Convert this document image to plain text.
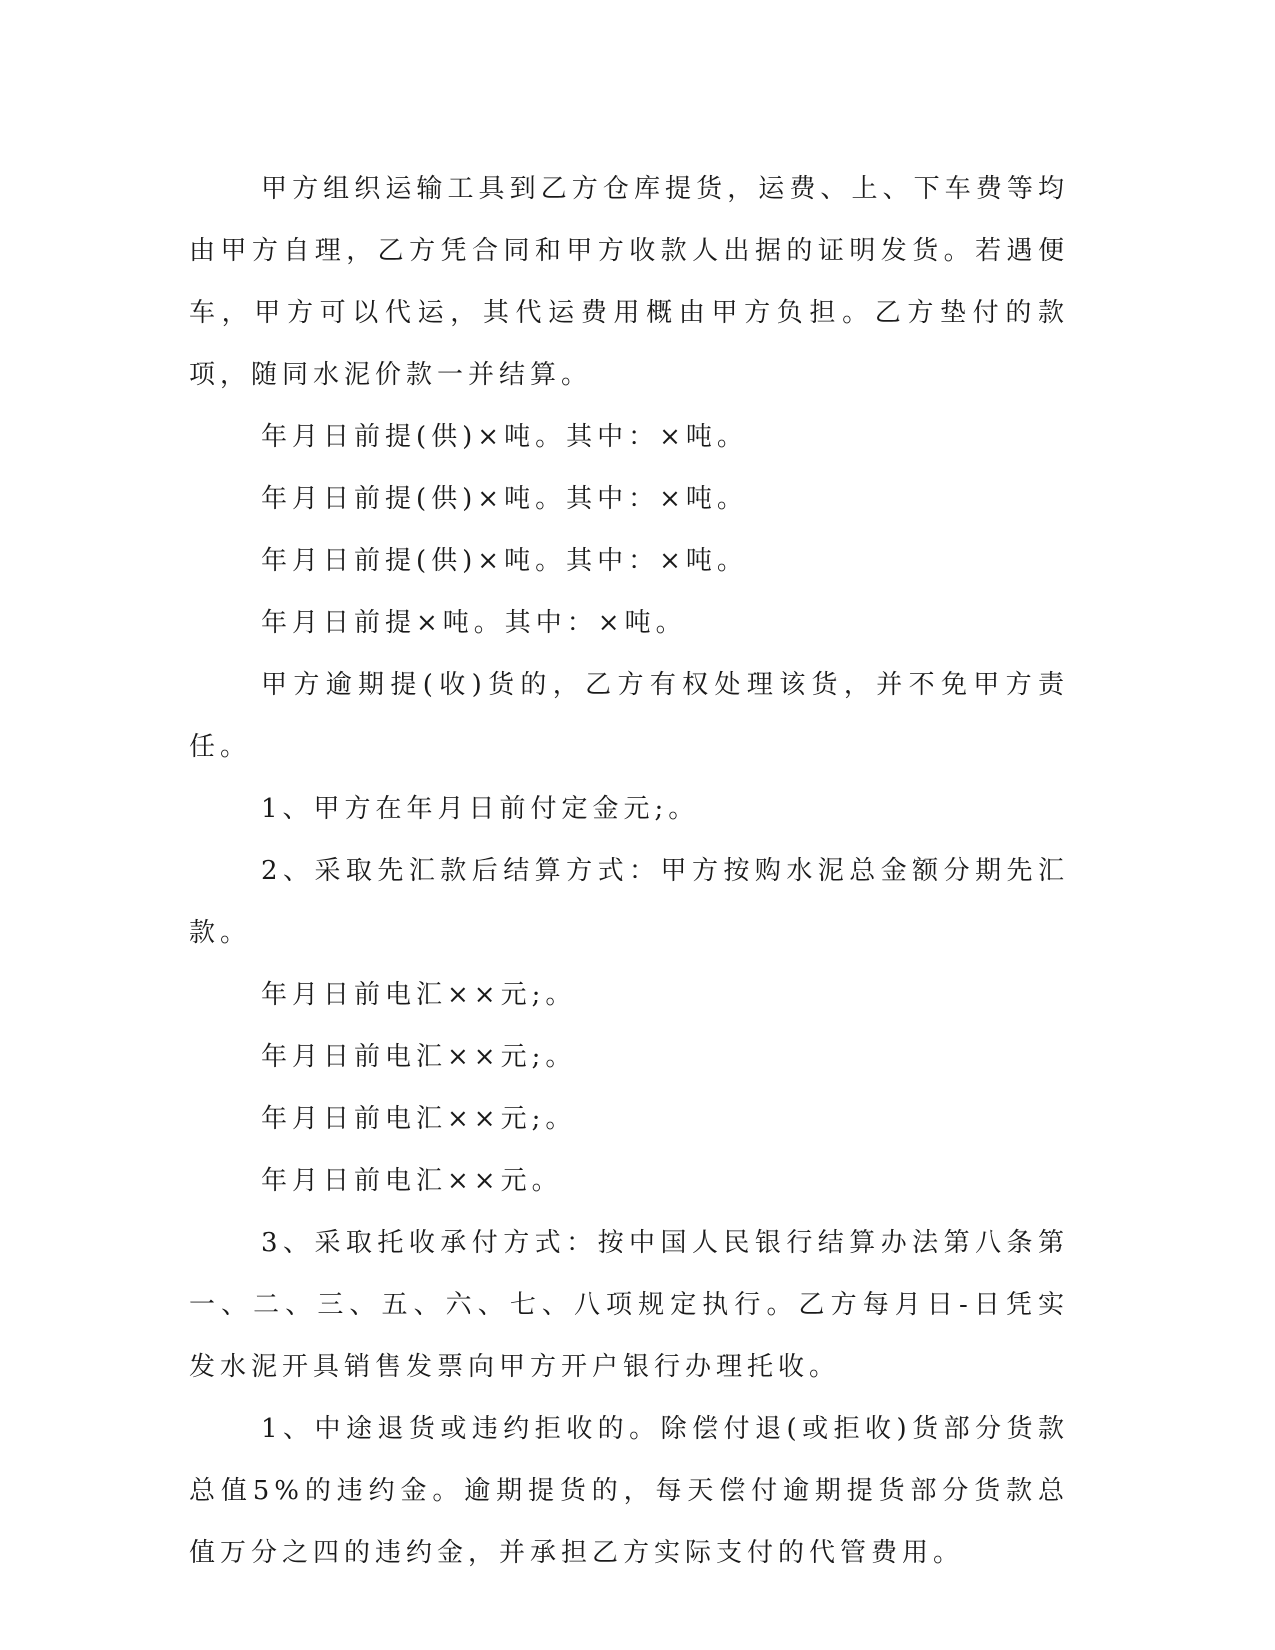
甲方组织运输工具到乙方仓库提货，运费、上、下车费等均由甲方自理，乙方凭合同和甲方收款人出据的证明发货。若遇便车，甲方可以代运，其代运费用概由甲方负担。乙方垫付的款项，随同水泥价款一并结算。

年月日前提(供)×吨。其中：×吨。

年月日前提(供)×吨。其中：×吨。

年月日前提(供)×吨。其中：×吨。

年月日前提×吨。其中：×吨。

甲方逾期提(收)货的，乙方有权处理该货，并不免甲方责任。

1、甲方在年月日前付定金元;。

2、采取先汇款后结算方式：甲方按购水泥总金额分期先汇款。

年月日前电汇××元;。

年月日前电汇××元;。

年月日前电汇××元;。

年月日前电汇××元。

3、采取托收承付方式：按中国人民银行结算办法第八条第一、二、三、五、六、七、八项规定执行。乙方每月日-日凭实发水泥开具销售发票向甲方开户银行办理托收。

1、中途退货或违约拒收的。除偿付退(或拒收)货部分货款总值5%的违约金。逾期提货的，每天偿付逾期提货部分货款总值万分之四的违约金，并承担乙方实际支付的代管费用。
